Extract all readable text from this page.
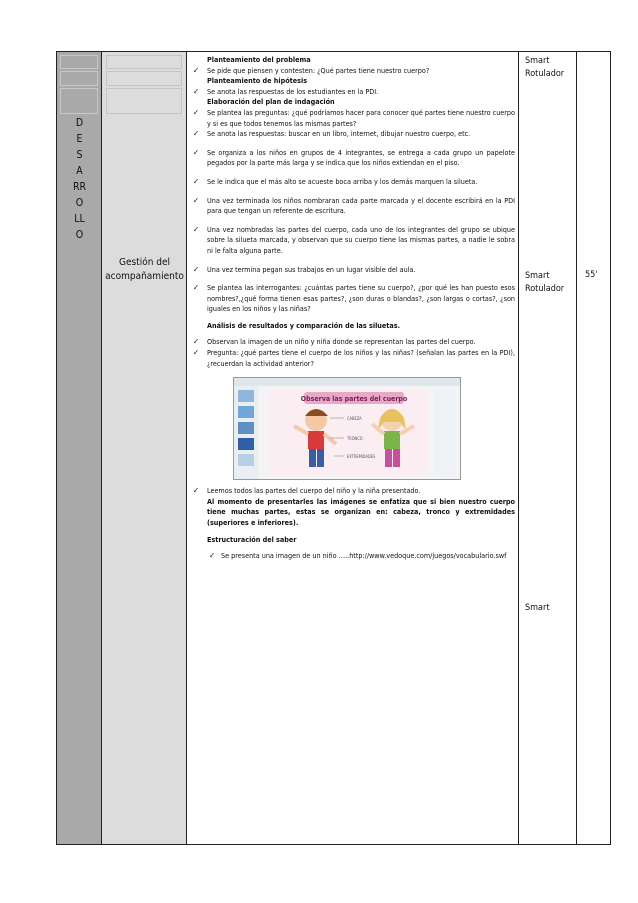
D
E
S
A
RR
O
LL
O
Gestión del acompañamiento
Planteamiento del problema
✓ Se pide que piensen y contesten: ¿Qué partes tiene nuestro cuerpo?
Planteamiento de hipótesis
✓ Se anota las respuestas de los estudiantes en la PDI.
Elaboración del plan de indagación
✓ Se plantea las preguntas: ¿qué podríamos hacer para conocer qué partes tiene nuestro cuerpo y si es que todos tenemos las mismas partes?
✓ Se anota las respuestas: buscar en un libro, internet, dibujar nuestro cuerpo, etc.
✓ Se organiza a los niños en grupos de 4 integrantes, se entrega a cada grupo un papelote pegados por la parte más larga y se indica que los niños extiendan en el piso.
✓ Se le indica que el más alto se acueste boca arriba y los demás marquen la silueta.
✓ Una vez terminada los niños nombraran cada parte marcada y el docente escribirá en la PDI para que tengan un referente de escritura.
✓ Una vez nombradas las partes del cuerpo, cada uno de los integrantes del grupo se ubique sobre la silueta marcada, y observan que su cuerpo tiene las mismas partes, a nadie le sobra ni le falta alguna parte.
✓ Una vez termina pegan sus trabajos en un lugar visible del aula.
✓ Se plantea las interrogantes: ¿cuántas partes tiene su cuerpo?, ¿por qué les han puesto esos nombres?,¿qué forma tienen esas partes?, ¿son duras o blandas?, ¿son largas o cortas?, ¿son iguales en los niños y las niñas?
Análisis de resultados y comparación de las siluetas.
✓ Observan la imagen de un niño y niña donde se representan las partes del cuerpo.
✓ Pregunta: ¿qué partes tiene el cuerpo de los niños y las niñas? (señalan las partes en la PDI), ¿recuerdan la actividad anterior?
Observa las partes del cuerpo
CABEZA
TRONCO
EXTREMIDADES
✓ Leemos todos las partes del cuerpo del niño y la niña presentado.
Al momento de presentarles las imágenes se enfatiza que si bien nuestro cuerpo tiene muchas partes, estas se organizan en: cabeza, tronco y extremidades (superiores e inferiores).
Estructuración del saber
✓ Se presenta una imagen de un niño …..http://www.vedoque.com/juegos/vocabulario.swf
Smart Rotulador
Smart Rotulador
Smart
55'
